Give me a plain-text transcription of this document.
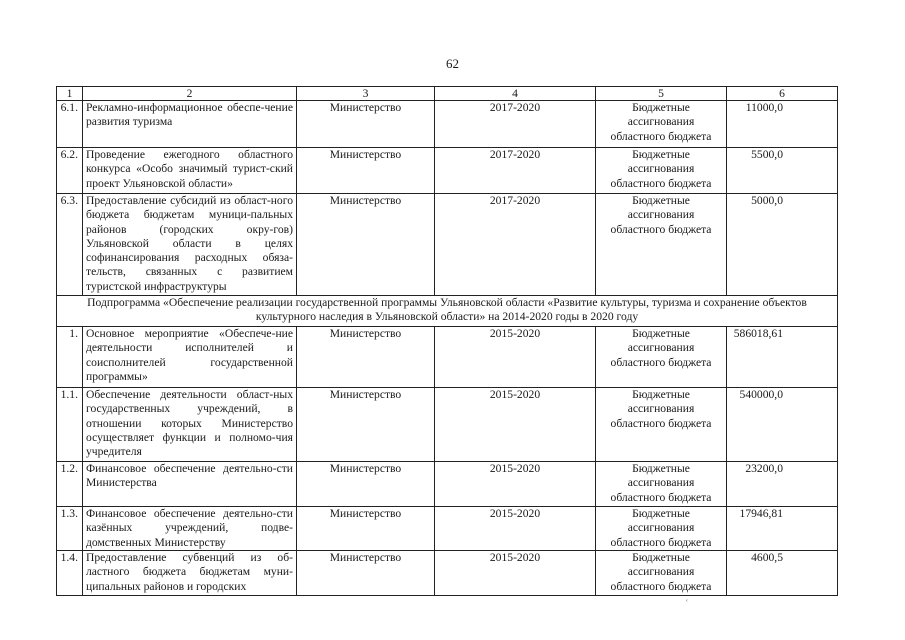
62
1	2	3	4	5	6
6.1.	Рекламно-информационное обеспе-чение развития туризма	Министерство	2017-2020	Бюджетные ассигнования областного бюджета	11000,0
6.2.	Проведение ежегодного областного конкурса «Особо значимый турист-ский проект Ульяновской области»	Министерство	2017-2020	Бюджетные ассигнования областного бюджета	5500,0
6.3.	Предоставление субсидий из област-ного бюджета бюджетам муници-пальных районов (городских окру-гов) Ульяновской области в целях софинансирования расходных обяза-тельств, связанных с развитием туристской инфраструктуры	Министерство	2017-2020	Бюджетные ассигнования областного бюджета	5000,0
Подпрограмма «Обеспечение реализации государственной программы Ульяновской области «Развитие культуры, туризма и сохранение объектов культурного наследия в Ульяновской области» на 2014-2020 годы в 2020 году					
1.	Основное мероприятие «Обеспече-ние деятельности исполнителей и соисполнителей государственной программы»	Министерство	2015-2020	Бюджетные ассигнования областного бюджета	586018,61
1.1.	Обеспечение деятельности област-ных государственных учреждений, в отношении которых Министерство осуществляет функции и полномо-чия учредителя	Министерство	2015-2020	Бюджетные ассигнования областного бюджета	540000,0
1.2.	Финансовое обеспечение деятельно-сти Министерства	Министерство	2015-2020	Бюджетные ассигнования областного бюджета	23200,0
1.3.	Финансовое обеспечение деятельно-сти казённых учреждений, подве-домственных Министерству	Министерство	2015-2020	Бюджетные ассигнования областного бюджета	17946,81
1.4.	Предоставление субвенций из об-ластного бюджета бюджетам муни-ципальных районов и городских	Министерство	2015-2020	Бюджетные ассигнования областного бюджета	4600,5
ʿ
